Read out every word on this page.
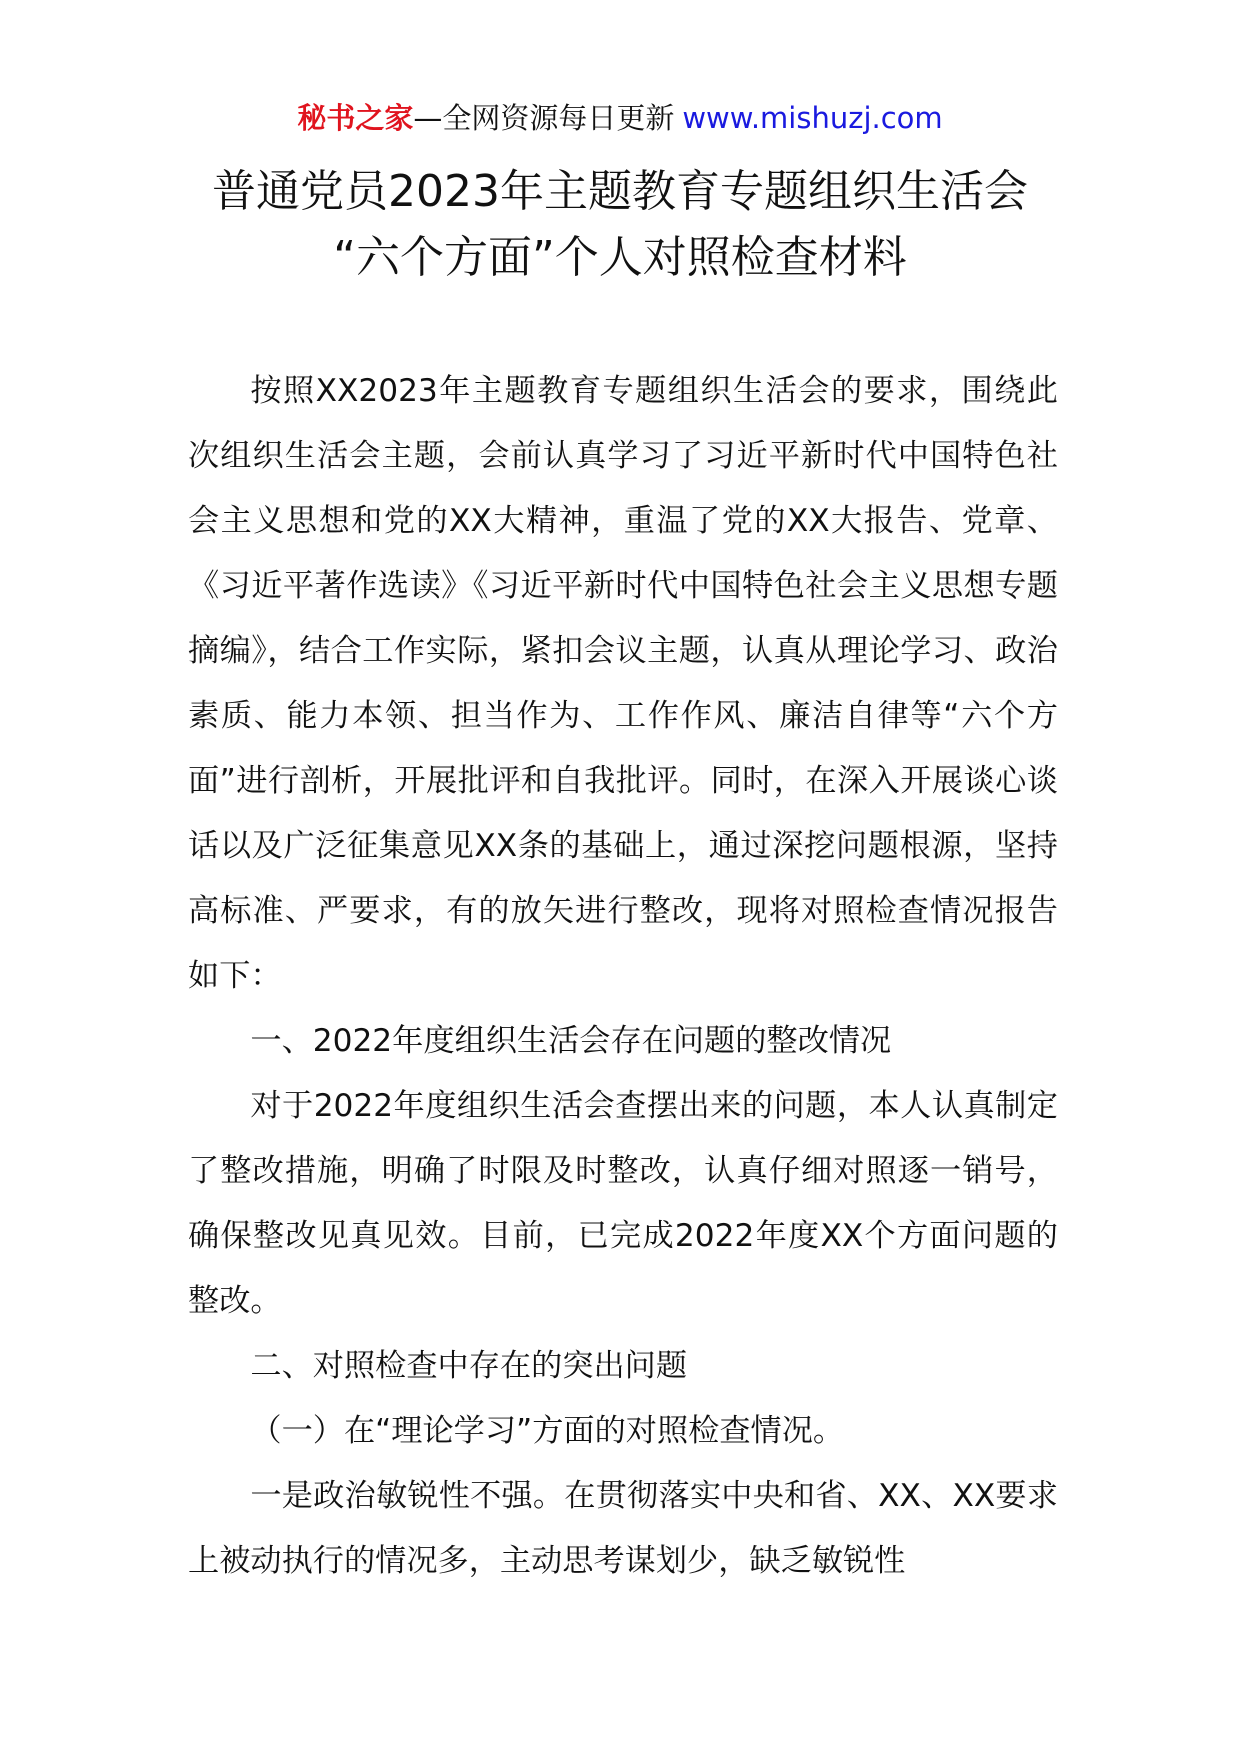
秘书之家—全网资源每日更新 www.mishuzj.com
普通党员2023年主题教育专题组织生活会
“六个方面”个人对照检查材料

按照XX2023年主题教育专题组织生活会的要求，围绕此次组织生活会主题，会前认真学习了习近平新时代中国特色社会主义思想和党的XX大精神，重温了党的XX大报告、党章、《习近平著作选读》《习近平新时代中国特色社会主义思想专题摘编》，结合工作实际，紧扣会议主题，认真从理论学习、政治素质、能力本领、担当作为、工作作风、廉洁自律等“六个方面”进行剖析，开展批评和自我批评。同时，在深入开展谈心谈话以及广泛征集意见XX条的基础上，通过深挖问题根源，坚持高标准、严要求，有的放矢进行整改，现将对照检查情况报告如下：

一、2022年度组织生活会存在问题的整改情况

对于2022年度组织生活会查摆出来的问题，本人认真制定了整改措施，明确了时限及时整改，认真仔细对照逐一销号，确保整改见真见效。目前，已完成2022年度XX个方面问题的整改。

二、对照检查中存在的突出问题

（一）在“理论学习”方面的对照检查情况。

一是政治敏锐性不强。在贯彻落实中央和省、XX、XX要求上被动执行的情况多，主动思考谋划少，缺乏敏锐性
